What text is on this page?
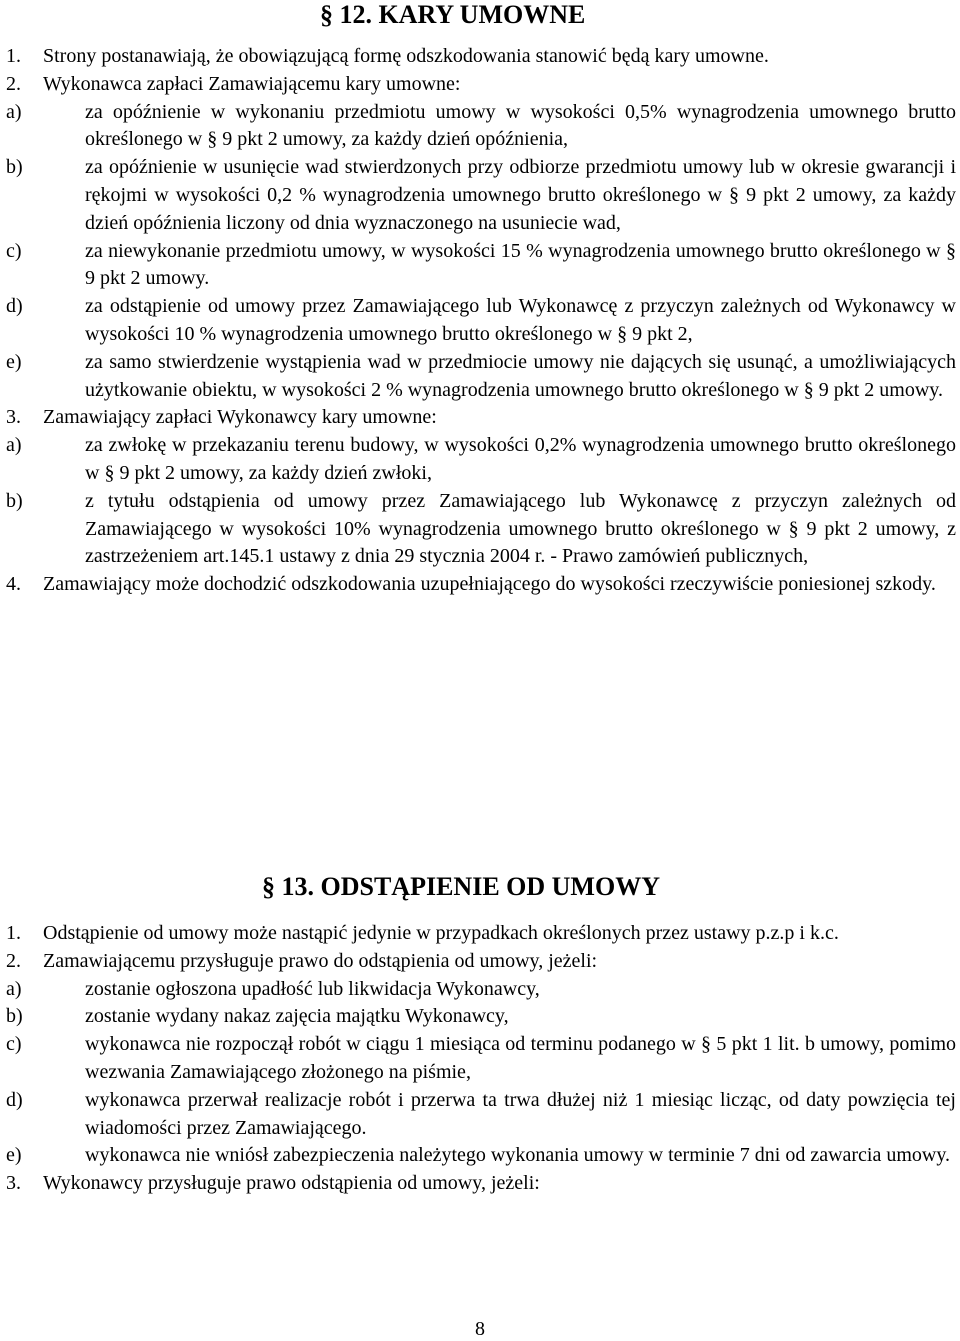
§ 12. KARY UMOWNE
1. Strony postanawiają, że obowiązującą formę odszkodowania stanowić będą kary umowne.
2. Wykonawca zapłaci Zamawiającemu kary umowne:
a)	za opóźnienie w wykonaniu przedmiotu umowy w wysokości 0,5% wynagrodzenia umownego brutto określonego w § 9 pkt 2 umowy, za każdy dzień opóźnienia,
b)	za opóźnienie w usunięcie wad stwierdzonych przy odbiorze przedmiotu umowy lub w okresie gwarancji i rękojmi w wysokości 0,2 % wynagrodzenia umownego brutto określonego w § 9 pkt 2 umowy, za każdy dzień opóźnienia liczony od dnia wyznaczonego na usuniecie wad,
c)	za niewykonanie przedmiotu umowy, w wysokości 15 % wynagrodzenia umownego brutto określonego w § 9 pkt 2 umowy.
d)	za odstąpienie od umowy przez Zamawiającego lub Wykonawcę z przyczyn zależnych od Wykonawcy w wysokości 10 % wynagrodzenia umownego brutto określonego w § 9 pkt 2,
e)	za samo stwierdzenie wystąpienia wad w przedmiocie umowy nie dających się usunąć, a umożliwiających użytkowanie obiektu, w wysokości 2 % wynagrodzenia umownego brutto określonego w § 9 pkt 2 umowy.
3. Zamawiający zapłaci Wykonawcy kary umowne:
a)	za zwłokę w przekazaniu terenu budowy, w wysokości 0,2% wynagrodzenia umownego brutto określonego w § 9 pkt 2 umowy, za każdy dzień zwłoki,
b)	z tytułu odstąpienia od umowy przez Zamawiającego lub Wykonawcę z przyczyn zależnych od Zamawiającego w wysokości 10% wynagrodzenia umownego brutto określonego w § 9 pkt 2 umowy, z zastrzeżeniem art.145.1 ustawy z dnia 29 stycznia 2004 r. - Prawo zamówień publicznych,
4. Zamawiający może dochodzić odszkodowania uzupełniającego do wysokości rzeczywiście poniesionej szkody.
§ 13. ODSTĄPIENIE OD UMOWY
1. Odstąpienie od umowy może nastąpić jedynie w przypadkach określonych przez ustawy p.z.p i k.c.
2. Zamawiającemu przysługuje prawo do odstąpienia od umowy, jeżeli:
a)	zostanie ogłoszona upadłość lub likwidacja Wykonawcy,
b)	zostanie wydany nakaz zajęcia majątku Wykonawcy,
c)	wykonawca nie rozpoczął robót w ciągu 1 miesiąca od terminu podanego w § 5 pkt 1 lit. b umowy, pomimo wezwania Zamawiającego złożonego na piśmie,
d)	wykonawca przerwał realizacje robót i przerwa ta trwa dłużej niż 1 miesiąc licząc, od daty powzięcia tej wiadomości przez Zamawiającego.
e)	wykonawca nie wniósł zabezpieczenia należytego wykonania umowy w terminie 7 dni od zawarcia umowy.
3. Wykonawcy przysługuje prawo odstąpienia od umowy, jeżeli:
8
